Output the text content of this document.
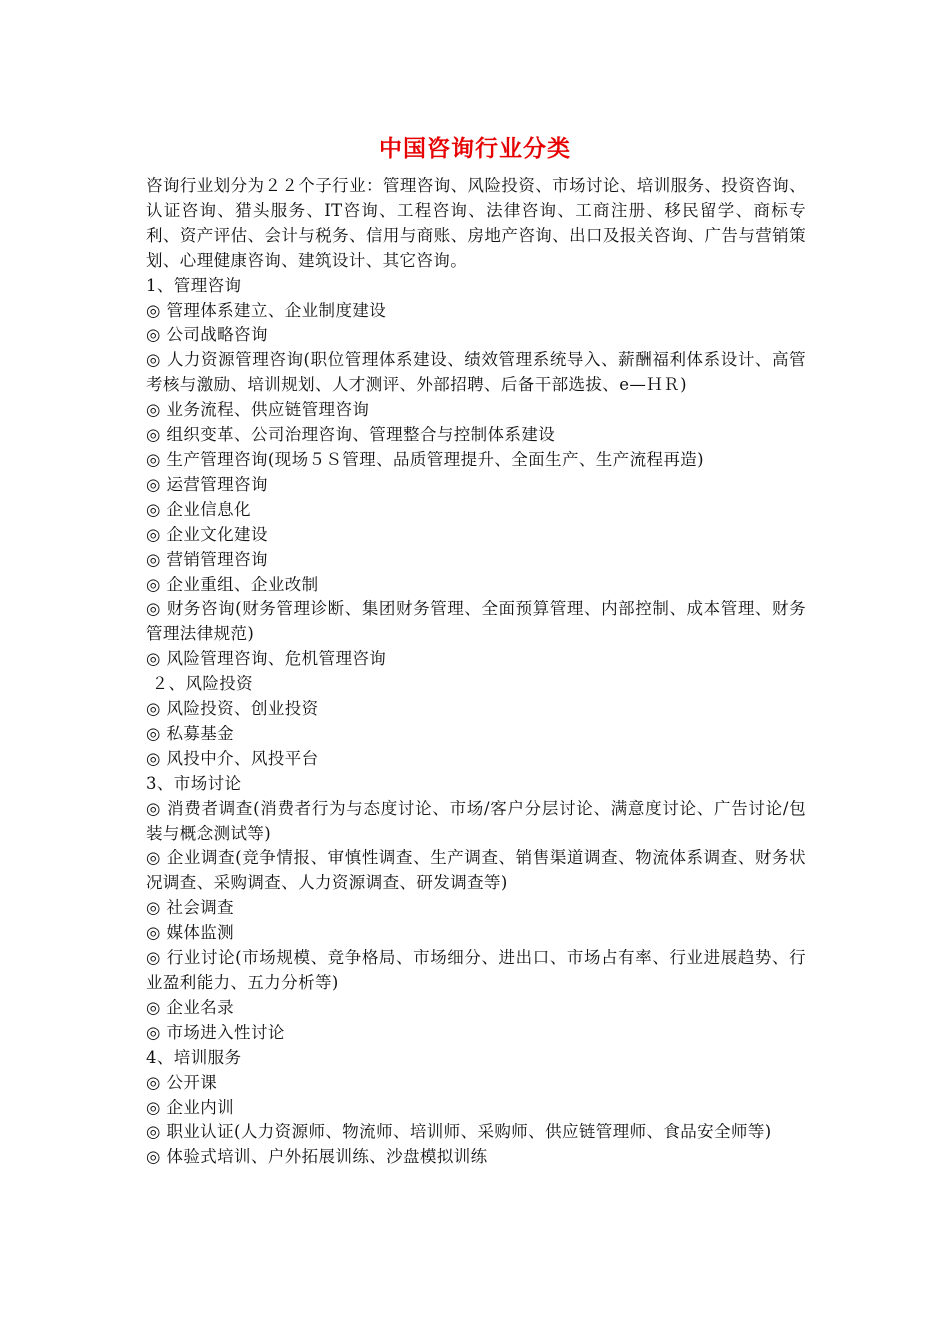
中国咨询行业分类

咨询行业划分为２２个子行业：管理咨询、风险投资、市场讨论、培训服务、投资咨询、认证咨询、猎头服务、IT咨询、工程咨询、法律咨询、工商注册、移民留学、商标专利、资产评估、会计与税务、信用与商账、房地产咨询、出口及报关咨询、广告与营销策划、心理健康咨询、建筑设计、其它咨询。

1、管理咨询

◎ 管理体系建立、企业制度建设

◎ 公司战略咨询

◎ 人力资源管理咨询(职位管理体系建设、绩效管理系统导入、薪酬福利体系设计、高管考核与激励、培训规划、人才测评、外部招聘、后备干部选拔、e—ＨＲ)

◎ 业务流程、供应链管理咨询

◎ 组织变革、公司治理咨询、管理整合与控制体系建设

◎ 生产管理咨询(现场５Ｓ管理、品质管理提升、全面生产、生产流程再造)

◎ 运营管理咨询

◎ 企业信息化

◎ 企业文化建设

◎ 营销管理咨询

◎ 企业重组、企业改制

◎ 财务咨询(财务管理诊断、集团财务管理、全面预算管理、内部控制、成本管理、财务管理法律规范)

◎ 风险管理咨询、危机管理咨询

２、风险投资

◎ 风险投资、创业投资

◎ 私募基金

◎ 风投中介、风投平台

3、市场讨论

◎ 消费者调查(消费者行为与态度讨论、市场/客户分层讨论、满意度讨论、广告讨论/包装与概念测试等)

◎ 企业调查(竞争情报、审慎性调查、生产调查、销售渠道调查、物流体系调查、财务状况调查、采购调查、人力资源调查、研发调查等)

◎ 社会调查

◎ 媒体监测

◎ 行业讨论(市场规模、竞争格局、市场细分、进出口、市场占有率、行业进展趋势、行业盈利能力、五力分析等)

◎ 企业名录

◎ 市场进入性讨论

4、培训服务

◎ 公开课

◎ 企业内训

◎ 职业认证(人力资源师、物流师、培训师、采购师、供应链管理师、食品安全师等)

◎ 体验式培训、户外拓展训练、沙盘模拟训练
